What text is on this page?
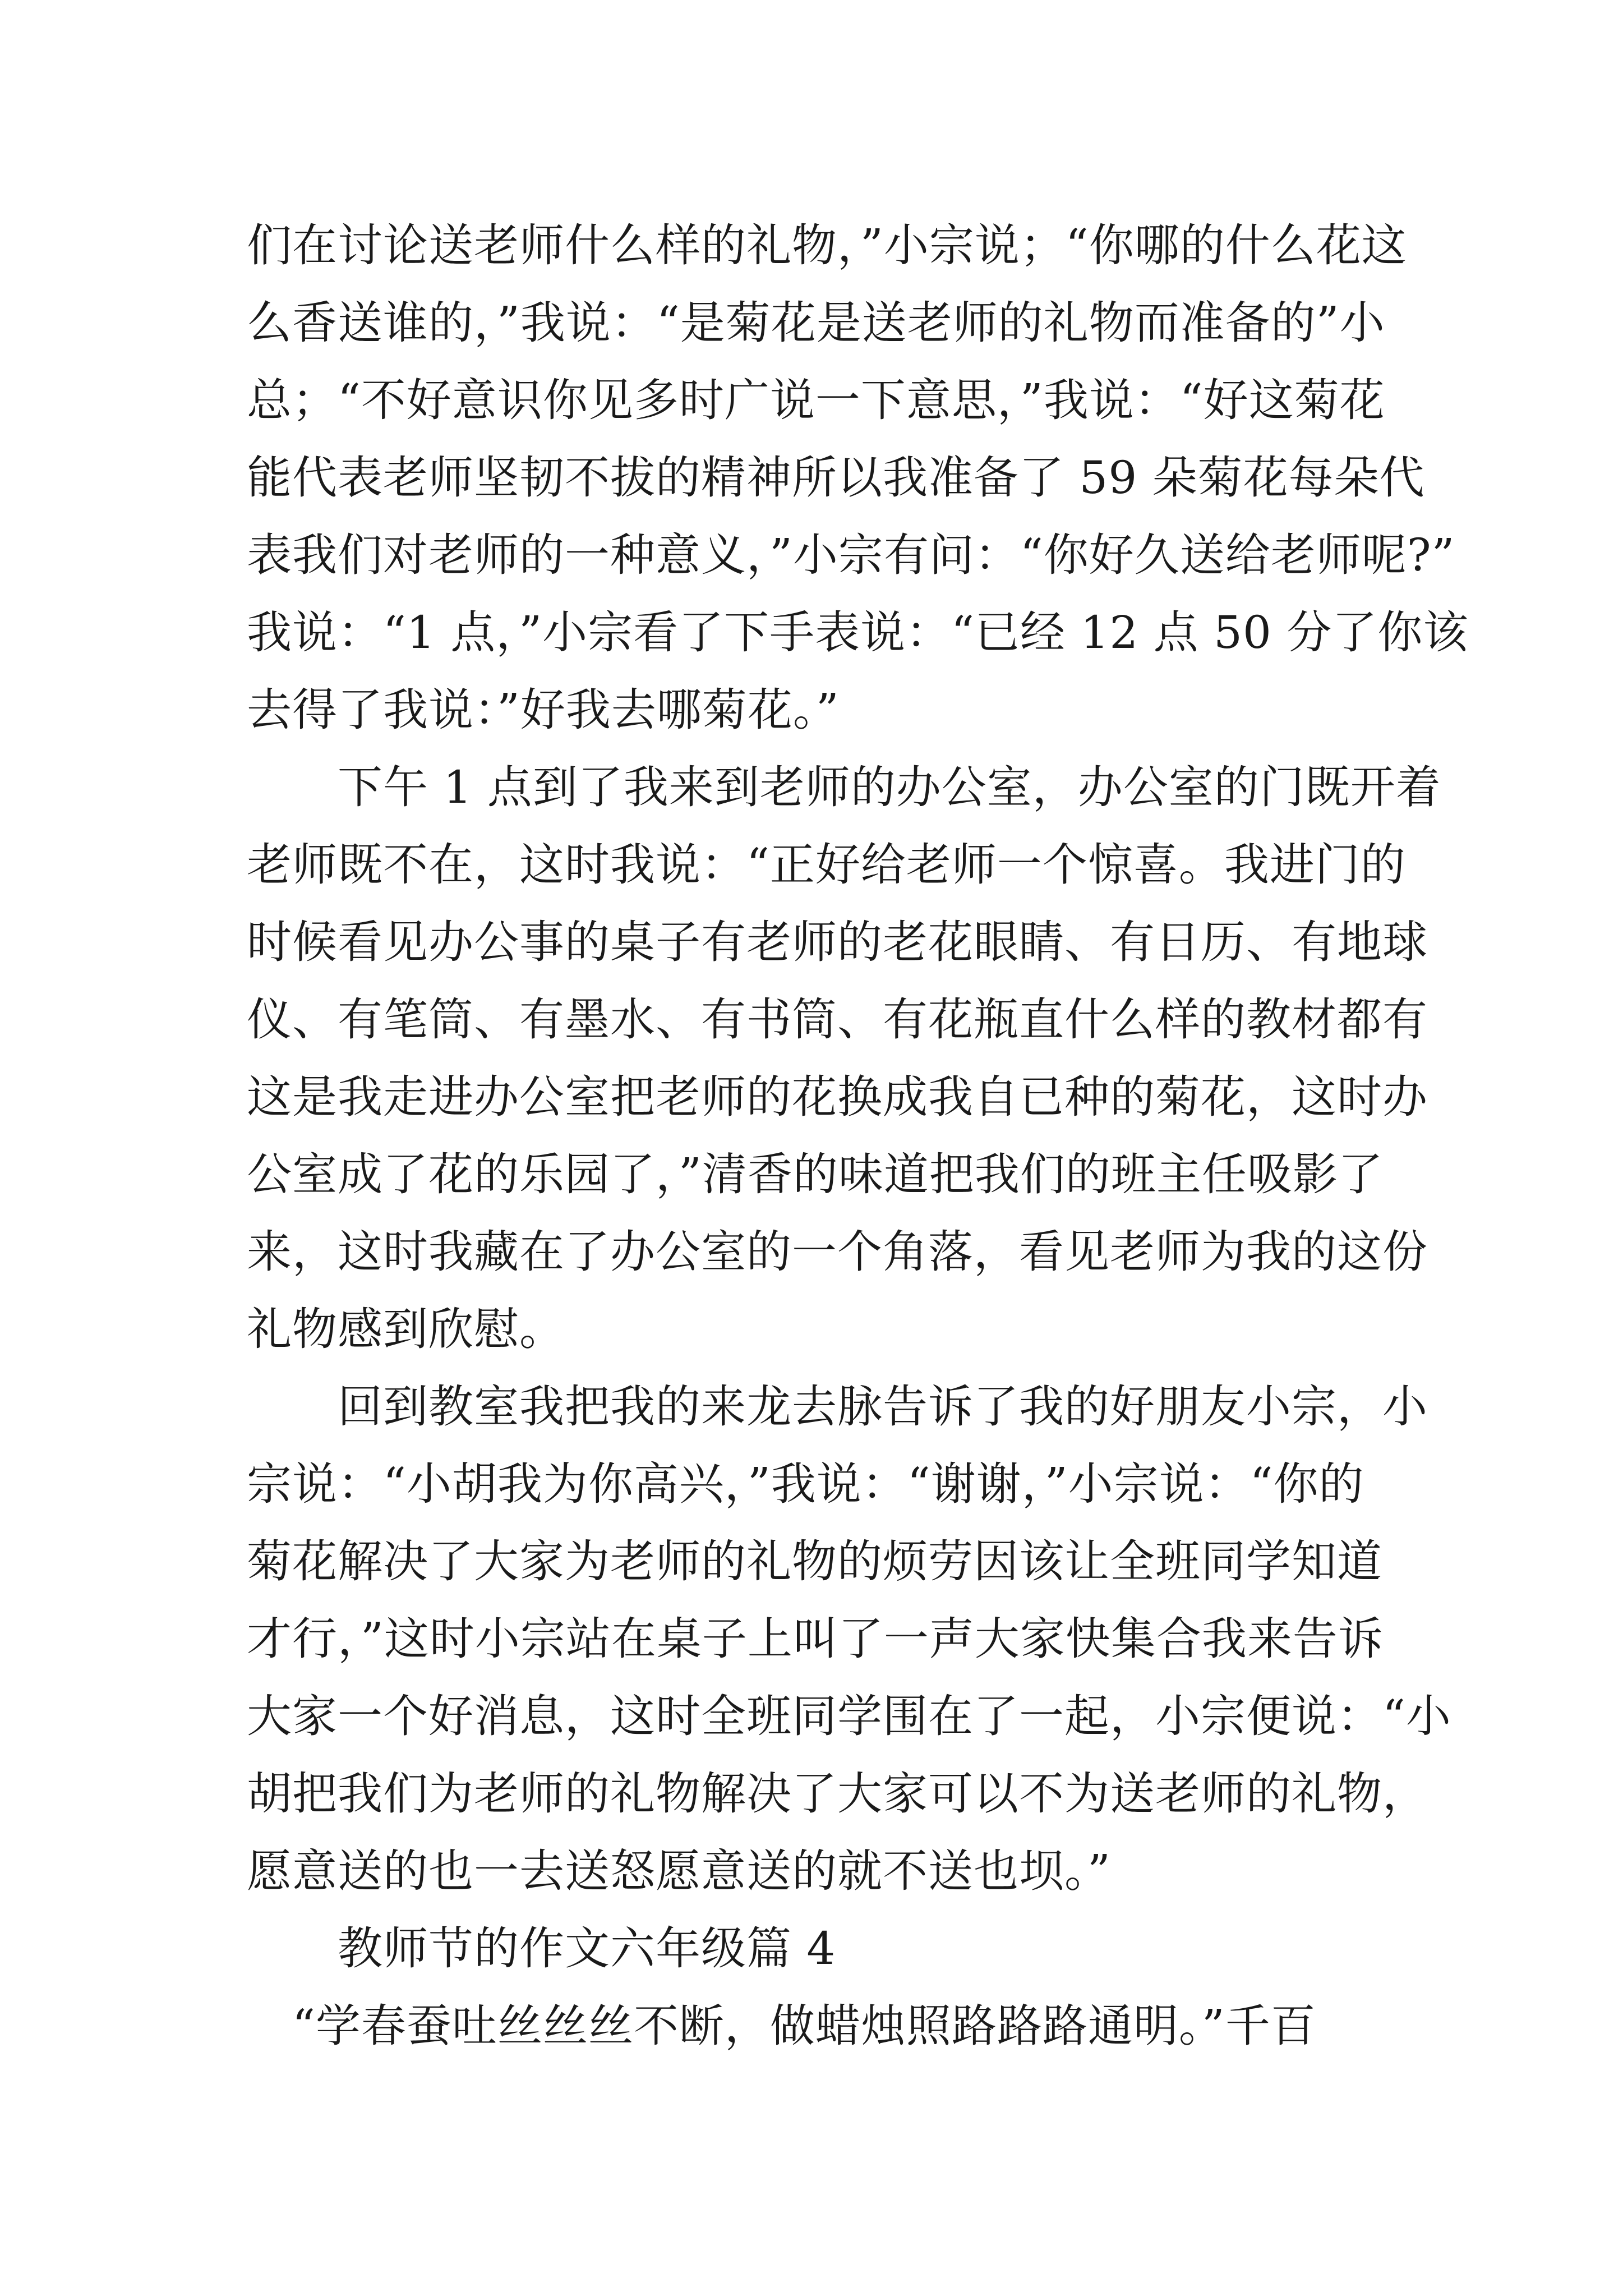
们在讨论送老师什么样的礼物，”小宗说；“你哪的什么花这
么香送谁的，”我说：“是菊花是送老师的礼物而准备的”小
总；“不好意识你见多时广说一下意思，”我说：“好这菊花
能代表老师坚韧不拔的精神所以我准备了 59 朵菊花每朵代
表我们对老师的一种意义，”小宗有问：“你好久送给老师呢?”
我说：“1 点，”小宗看了下手表说：“已经 12 点 50 分了你该
去得了我说：”好我去哪菊花。”
　　下午 1 点到了我来到老师的办公室，办公室的门既开着
老师既不在，这时我说：“正好给老师一个惊喜。我进门的
时候看见办公事的桌子有老师的老花眼睛、有日历、有地球
仪、有笔筒、有墨水、有书筒、有花瓶直什么样的教材都有
这是我走进办公室把老师的花换成我自已种的菊花，这时办
公室成了花的乐园了，”清香的味道把我们的班主任吸影了
来，这时我藏在了办公室的一个角落，看见老师为我的这份
礼物感到欣慰。
　　回到教室我把我的来龙去脉告诉了我的好朋友小宗，小
宗说：“小胡我为你高兴，”我说：“谢谢，”小宗说：“你的
菊花解决了大家为老师的礼物的烦劳因该让全班同学知道
才行，”这时小宗站在桌子上叫了一声大家快集合我来告诉
大家一个好消息，这时全班同学围在了一起，小宗便说：“小
胡把我们为老师的礼物解决了大家可以不为送老师的礼物，
愿意送的也一去送怒愿意送的就不送也坝。”
　　教师节的作文六年级篇 4
　“学春蚕吐丝丝丝不断，做蜡烛照路路路通明。”千百
